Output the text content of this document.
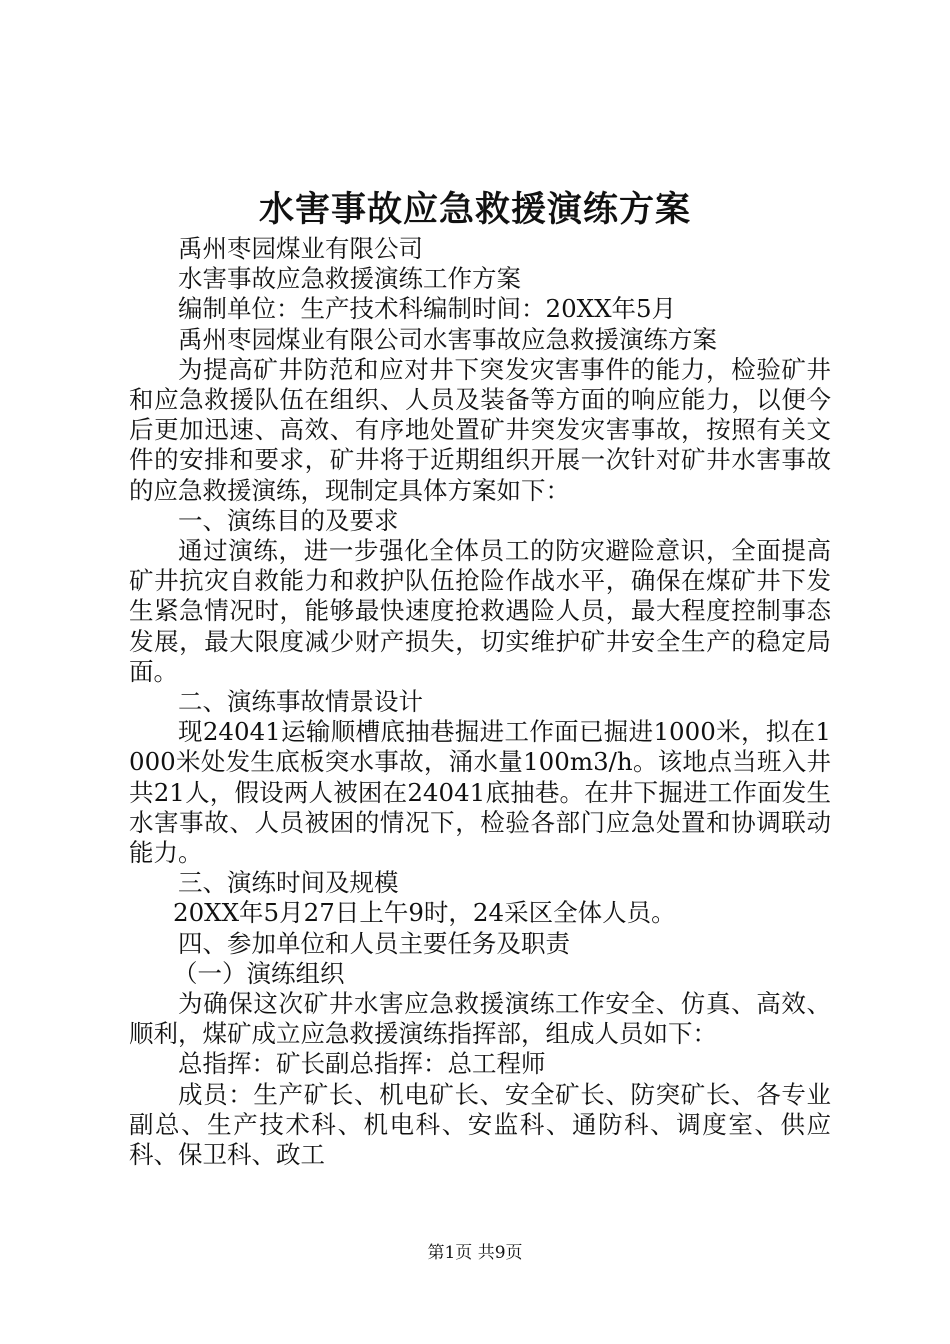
水害事故应急救援演练方案

禹州枣园煤业有限公司

水害事故应急救援演练工作方案

编制单位：生产技术科编制时间：20XX年5月

禹州枣园煤业有限公司水害事故应急救援演练方案

为提高矿井防范和应对井下突发灾害事件的能力，检验矿井和应急救援队伍在组织、人员及装备等方面的响应能力，以便今后更加迅速、高效、有序地处置矿井突发灾害事故，按照有关文件的安排和要求，矿井将于近期组织开展一次针对矿井水害事故的应急救援演练，现制定具体方案如下：

一、演练目的及要求

通过演练，进一步强化全体员工的防灾避险意识，全面提高矿井抗灾自救能力和救护队伍抢险作战水平，确保在煤矿井下发生紧急情况时，能够最快速度抢救遇险人员，最大程度控制事态发展，最大限度减少财产损失，切实维护矿井安全生产的稳定局面。

二、演练事故情景设计

现24041运输顺槽底抽巷掘进工作面已掘进1000米，拟在1000米处发生底板突水事故，涌水量100m3/h。该地点当班入井共21人，假设两人被困在24041底抽巷。在井下掘进工作面发生水害事故、人员被困的情况下，检验各部门应急处置和协调联动能力。

三、演练时间及规模

20XX年5月27日上午9时，24采区全体人员。

四、参加单位和人员主要任务及职责

（一）演练组织

为确保这次矿井水害应急救援演练工作安全、仿真、高效、顺利，煤矿成立应急救援演练指挥部，组成人员如下：

总指挥：矿长副总指挥：总工程师

成员：生产矿长、机电矿长、安全矿长、防突矿长、各专业副总、生产技术科、机电科、安监科、通防科、调度室、供应科、保卫科、政工

第1页 共9页
